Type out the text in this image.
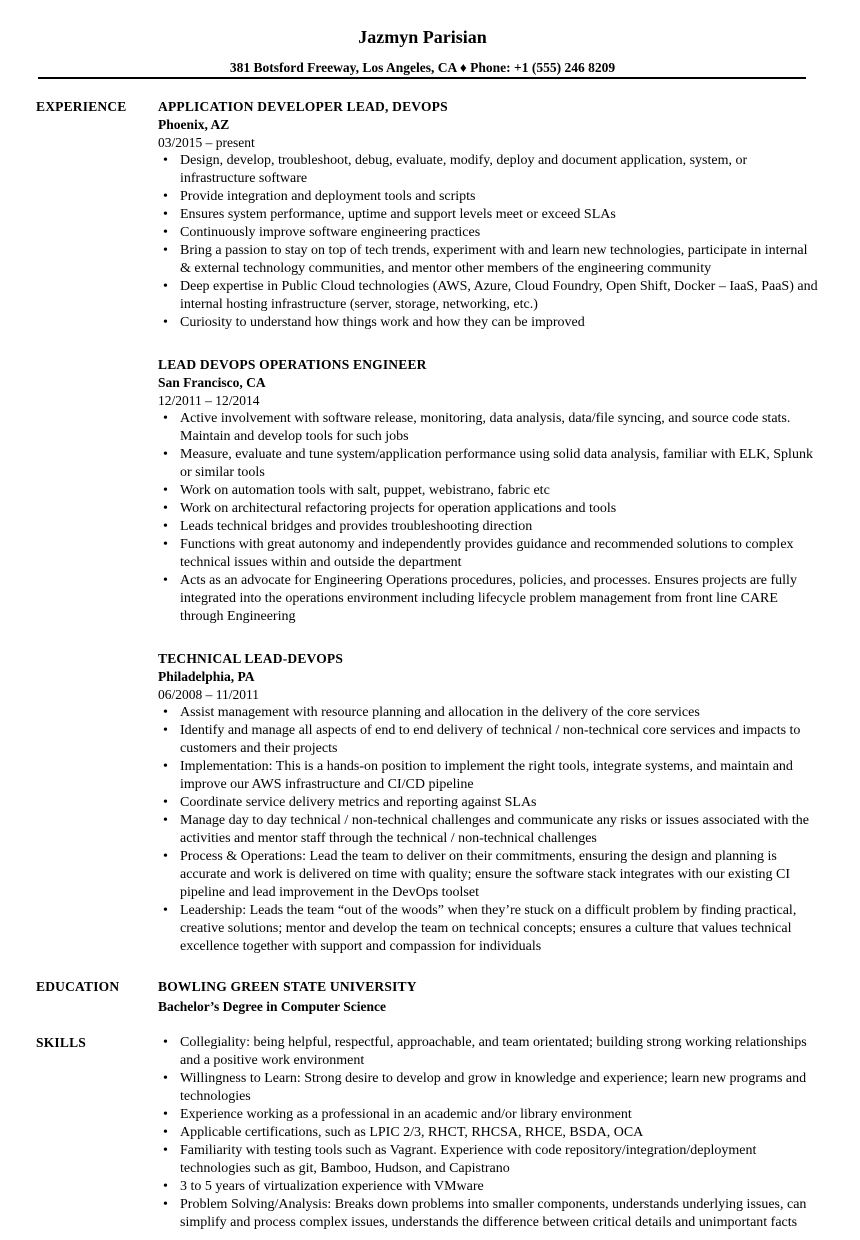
Jazmyn Parisian
381 Botsford Freeway, Los Angeles, CA ♦ Phone: +1 (555) 246 8209
EXPERIENCE APPLICATION DEVELOPER LEAD, DEVOPS
Phoenix, AZ
03/2015 – present
• Design, develop, troubleshoot, debug, evaluate, modify, deploy and document application, system, or infrastructure software
• Provide integration and deployment tools and scripts
• Ensures system performance, uptime and support levels meet or exceed SLAs
• Continuously improve software engineering practices
• Bring a passion to stay on top of tech trends, experiment with and learn new technologies, participate in internal & external technology communities, and mentor other members of the engineering community
• Deep expertise in Public Cloud technologies (AWS, Azure, Cloud Foundry, Open Shift, Docker – IaaS, PaaS) and internal hosting infrastructure (server, storage, networking, etc.)
• Curiosity to understand how things work and how they can be improved
LEAD DEVOPS OPERATIONS ENGINEER
San Francisco, CA
12/2011 – 12/2014
• Active involvement with software release, monitoring, data analysis, data/file syncing, and source code stats. Maintain and develop tools for such jobs
• Measure, evaluate and tune system/application performance using solid data analysis, familiar with ELK, Splunk or similar tools
• Work on automation tools with salt, puppet, webistrano, fabric etc
• Work on architectural refactoring projects for operation applications and tools
• Leads technical bridges and provides troubleshooting direction
• Functions with great autonomy and independently provides guidance and recommended solutions to complex technical issues within and outside the department
• Acts as an advocate for Engineering Operations procedures, policies, and processes. Ensures projects are fully integrated into the operations environment including lifecycle problem management from front line CARE through Engineering
TECHNICAL LEAD-DEVOPS
Philadelphia, PA
06/2008 – 11/2011
• Assist management with resource planning and allocation in the delivery of the core services
• Identify and manage all aspects of end to end delivery of technical / non-technical core services and impacts to customers and their projects
• Implementation: This is a hands-on position to implement the right tools, integrate systems, and maintain and improve our AWS infrastructure and CI/CD pipeline
• Coordinate service delivery metrics and reporting against SLAs
• Manage day to day technical / non-technical challenges and communicate any risks or issues associated with the activities and mentor staff through the technical / non-technical challenges
• Process & Operations: Lead the team to deliver on their commitments, ensuring the design and planning is accurate and work is delivered on time with quality; ensure the software stack integrates with our existing CI pipeline and lead improvement in the DevOps toolset
• Leadership: Leads the team “out of the woods” when they’re stuck on a difficult problem by finding practical, creative solutions; mentor and develop the team on technical concepts; ensures a culture that values technical excellence together with support and compassion for individuals
EDUCATION	BOWLING GREEN STATE UNIVERSITY
Bachelor’s Degree in Computer Science
SKILLS	• Collegiality: being helpful, respectful, approachable, and team orientated; building strong working relationships and a positive work environment
• Willingness to Learn: Strong desire to develop and grow in knowledge and experience; learn new programs and technologies
• Experience working as a professional in an academic and/or library environment
• Applicable certifications, such as LPIC 2/3, RHCT, RHCSA, RHCE, BSDA, OCA
• Familiarity with testing tools such as Vagrant. Experience with code repository/integration/deployment technologies such as git, Bamboo, Hudson, and Capistrano
• 3 to 5 years of virtualization experience with VMware
• Problem Solving/Analysis: Breaks down problems into smaller components, understands underlying issues, can simplify and process complex issues, understands the difference between critical details and unimportant facts
